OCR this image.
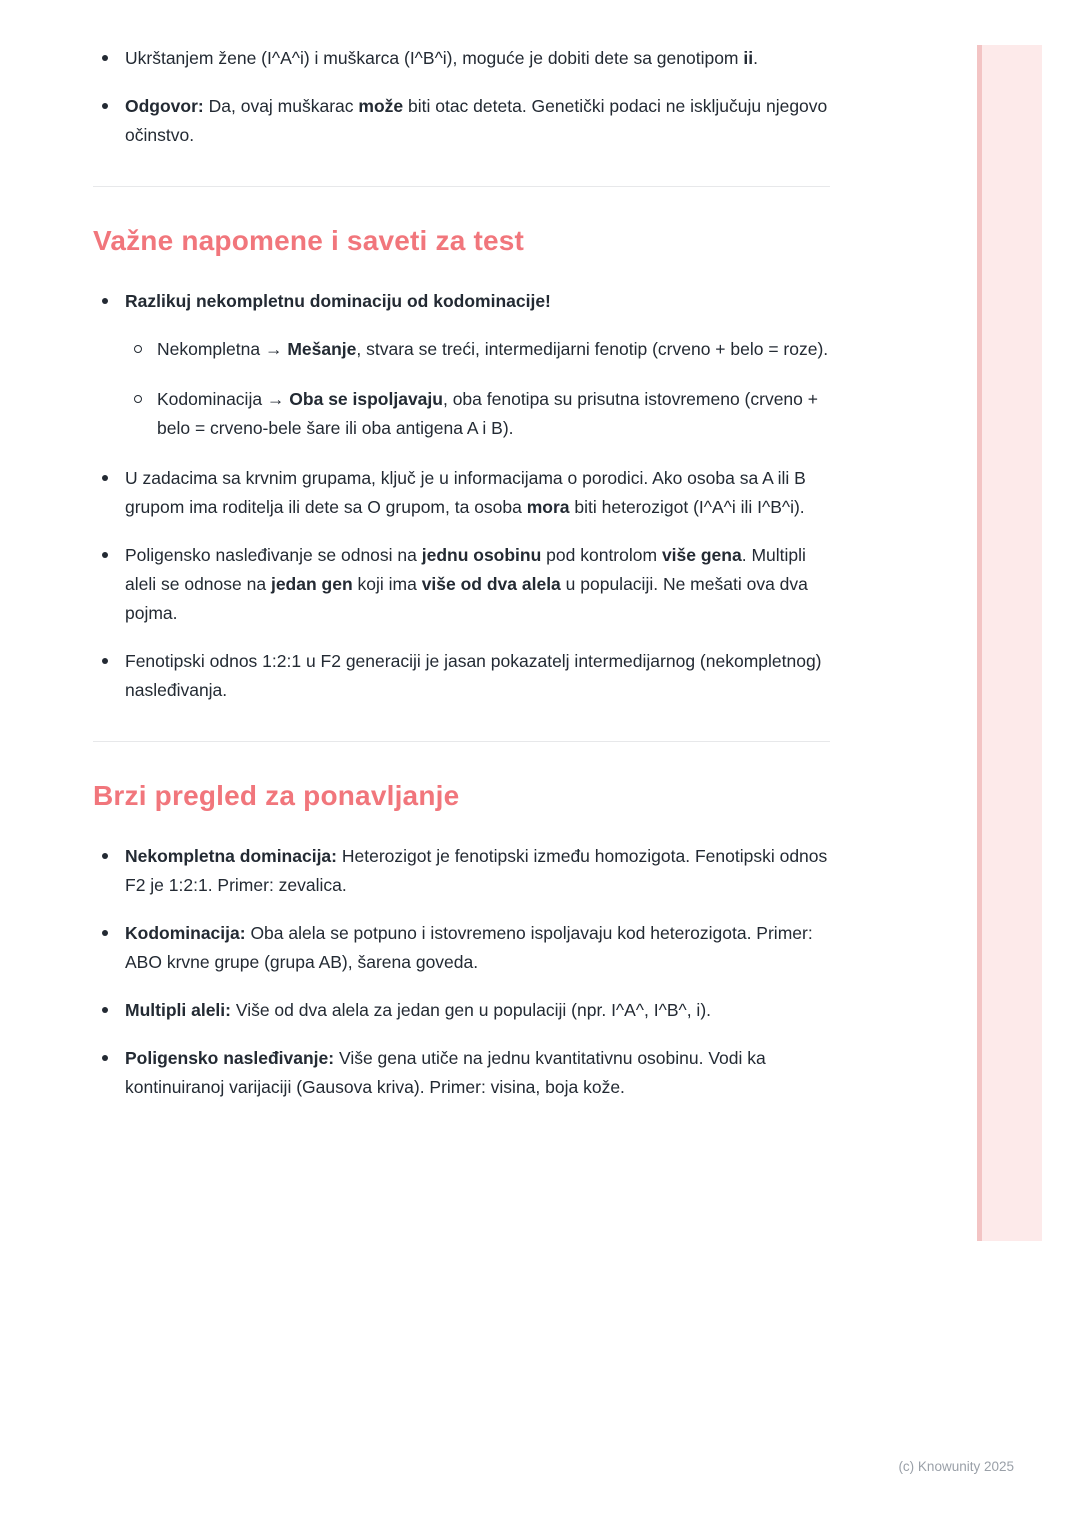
Ukrštanjem žene (I^A^i) i muškarca (I^B^i), moguće je dobiti dete sa genotipom ii.
Odgovor: Da, ovaj muškarac može biti otac deteta. Genetički podaci ne isključuju njegovo očinstvo.
Važne napomene i saveti za test
Razlikuj nekompletnu dominaciju od kodominacije!
Nekompletna → Mešanje, stvara se treći, intermedijarni fenotip (crveno + belo = roze).
Kodominacija → Oba se ispoljavaju, oba fenotipa su prisutna istovremeno (crveno + belo = crveno-bele šare ili oba antigena A i B).
U zadacima sa krvnim grupama, ključ je u informacijama o porodici. Ako osoba sa A ili B grupom ima roditelja ili dete sa O grupom, ta osoba mora biti heterozigot (I^A^i ili I^B^i).
Poligensko nasleđivanje se odnosi na jednu osobinu pod kontrolom više gena. Multipli aleli se odnose na jedan gen koji ima više od dva alela u populaciji. Ne mešati ova dva pojma.
Fenotipski odnos 1:2:1 u F2 generaciji je jasan pokazatelj intermedijarnog (nekompletnog) nasleđivanja.
Brzi pregled za ponavljanje
Nekompletna dominacija: Heterozigot je fenotipski između homozigota. Fenotipski odnos F2 je 1:2:1. Primer: zevalica.
Kodominacija: Oba alela se potpuno i istovremeno ispoljavaju kod heterozigota. Primer: ABO krvne grupe (grupa AB), šarena goveda.
Multipli aleli: Više od dva alela za jedan gen u populaciji (npr. I^A^, I^B^, i).
Poligensko nasleđivanje: Više gena utiče na jednu kvantitativnu osobinu. Vodi ka kontinuiranoj varijaciji (Gausova kriva). Primer: visina, boja kože.
(c) Knowunity 2025
